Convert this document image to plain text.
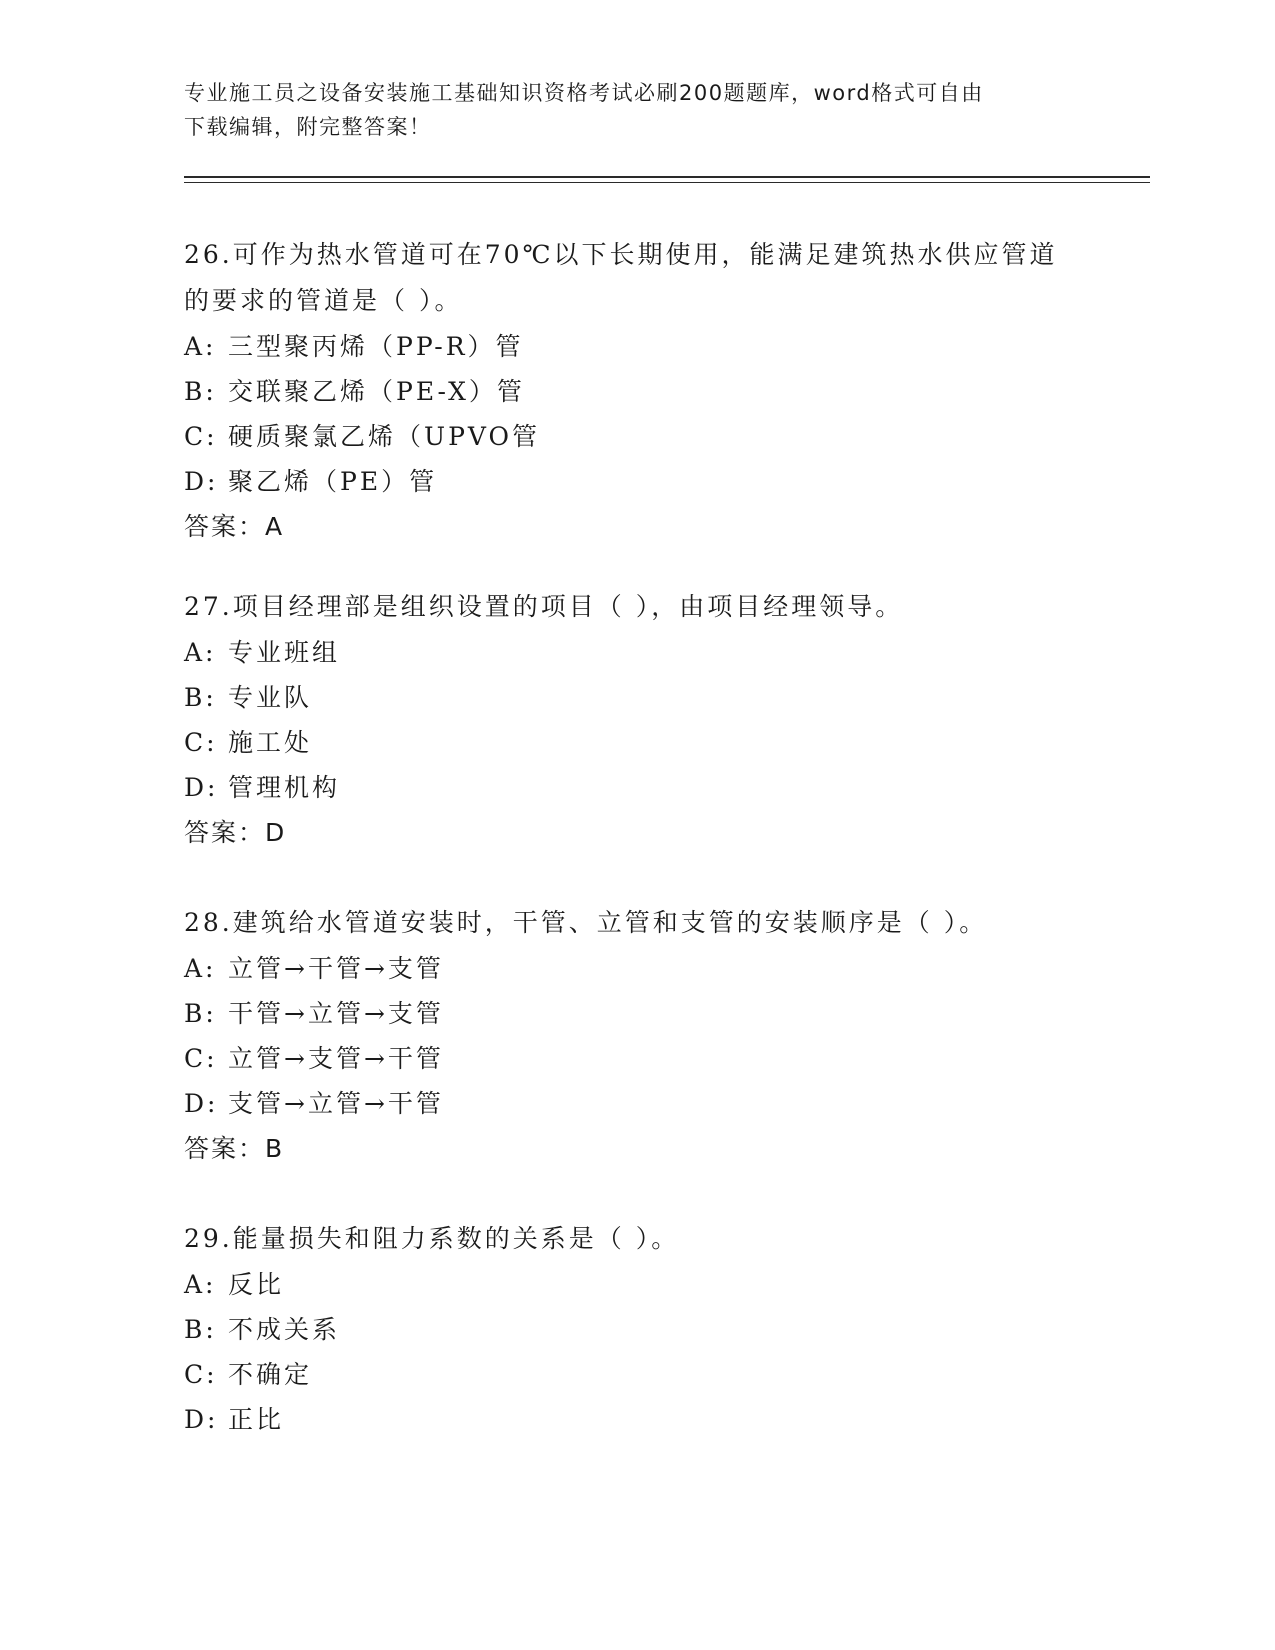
专业施工员之设备安装施工基础知识资格考试必刷200题题库，word格式可自由
下载编辑，附完整答案！
26.可作为热水管道可在70℃以下长期使用，能满足建筑热水供应管道的要求的管道是（ ）。
A: 三型聚丙烯（PP-R）管
B: 交联聚乙烯（PE-X）管
C: 硬质聚氯乙烯（UPVO管
D: 聚乙烯（PE）管
答案：A
27.项目经理部是组织设置的项目（ ），由项目经理领导。
A: 专业班组
B: 专业队
C: 施工处
D: 管理机构
答案：D
28.建筑给水管道安装时，干管、立管和支管的安装顺序是（ ）。
A: 立管→干管→支管
B: 干管→立管→支管
C: 立管→支管→干管
D: 支管→立管→干管
答案：B
29.能量损失和阻力系数的关系是（ ）。
A: 反比
B: 不成关系
C: 不确定
D: 正比
